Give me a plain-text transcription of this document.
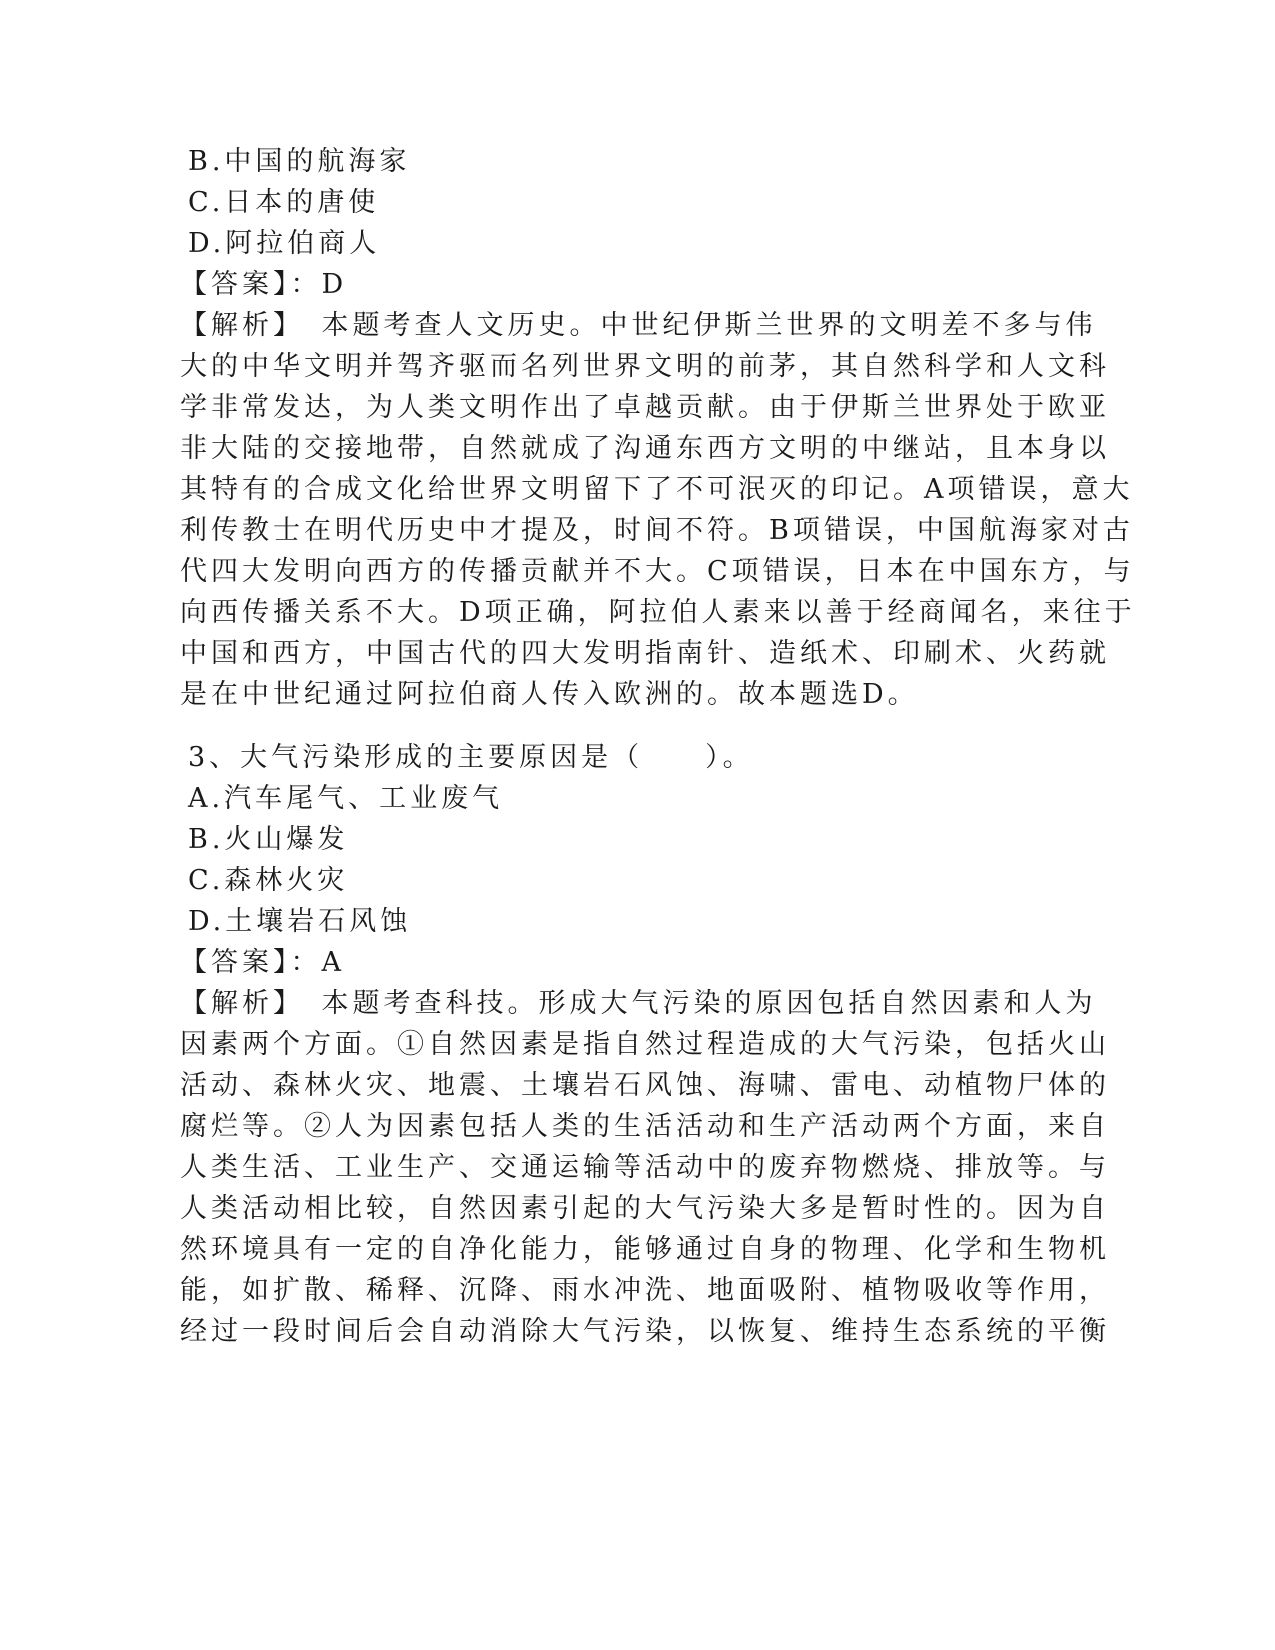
B.中国的航海家
C.日本的唐使
D.阿拉伯商人
【答案】：D
【解析】　本题考查人文历史。中世纪伊斯兰世界的文明差不多与伟
大的中华文明并驾齐驱而名列世界文明的前茅，其自然科学和人文科
学非常发达，为人类文明作出了卓越贡献。由于伊斯兰世界处于欧亚
非大陆的交接地带，自然就成了沟通东西方文明的中继站，且本身以
其特有的合成文化给世界文明留下了不可泯灭的印记。A项错误，意大
利传教士在明代历史中才提及，时间不符。B项错误，中国航海家对古
代四大发明向西方的传播贡献并不大。C项错误，日本在中国东方，与
向西传播关系不大。D项正确，阿拉伯人素来以善于经商闻名，来往于
中国和西方，中国古代的四大发明指南针、造纸术、印刷术、火药就
是在中世纪通过阿拉伯商人传入欧洲的。故本题选D。
3、大气污染形成的主要原因是（　　）。
A.汽车尾气、工业废气
B.火山爆发
C.森林火灾
D.土壤岩石风蚀
【答案】：A
【解析】　本题考查科技。形成大气污染的原因包括自然因素和人为
因素两个方面。①自然因素是指自然过程造成的大气污染，包括火山
活动、森林火灾、地震、土壤岩石风蚀、海啸、雷电、动植物尸体的
腐烂等。②人为因素包括人类的生活活动和生产活动两个方面，来自
人类生活、工业生产、交通运输等活动中的废弃物燃烧、排放等。与
人类活动相比较，自然因素引起的大气污染大多是暂时性的。因为自
然环境具有一定的自净化能力，能够通过自身的物理、化学和生物机
能，如扩散、稀释、沉降、雨水冲洗、地面吸附、植物吸收等作用，
经过一段时间后会自动消除大气污染，以恢复、维持生态系统的平衡
